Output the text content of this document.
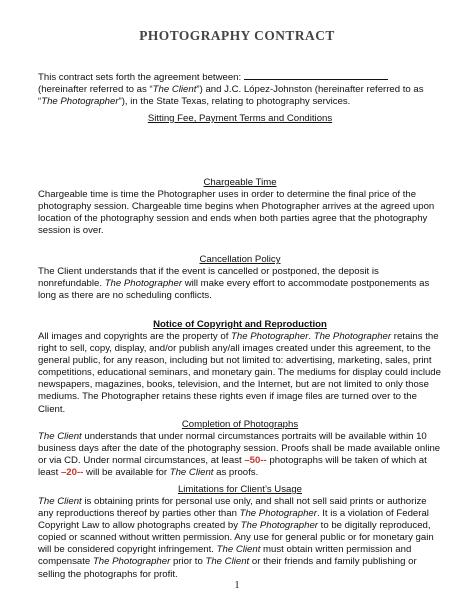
PHOTOGRAPHY CONTRACT
This contract sets forth the agreement between:
(hereinafter referred to as “The Client”) and J.C. López-Johnston (hereinafter referred to as
“The Photographer”), in the State Texas, relating to photography services.
Sitting Fee, Payment Terms and Conditions
Chargeable Time
Chargeable time is time the Photographer uses in order to determine the final price of the photography session. Chargeable time begins when Photographer arrives at the agreed upon location of the photography session and ends when both parties agree that the photography session is over.
Cancellation Policy
The Client understands that if the event is cancelled or postponed, the deposit is nonrefundable. The Photographer will make every effort to accommodate postponements as long as there are no scheduling conflicts.
Notice of Copyright and Reproduction
All images and copyrights are the property of The Photographer. The Photographer retains the right to sell, copy, display, and/or publish any/all images created under this agreement, to the general public, for any reason, including but not limited to: advertising, marketing, sales, print competitions, educational seminars, and monetary gain. The mediums for display could include newspapers, magazines, books, television, and the Internet, but are not limited to only those mediums. The Photographer retains these rights even if image files are turned over to the Client.
Completion of Photographs
The Client understands that under normal circumstances portraits will be available within 10 business days after the date of the photography session. Proofs shall be made available online or via CD. Under normal circumstances, at least –50-- photographs will be taken of which at least –20-- will be available for The Client as proofs.
Limitations for Client’s Usage
The Client is obtaining prints for personal use only, and shall not sell said prints or authorize any reproductions thereof by parties other than The Photographer. It is a violation of Federal Copyright Law to allow photographs created by The Photographer to be digitally reproduced, copied or scanned without written permission. Any use for general public or for monetary gain will be considered copyright infringement. The Client must obtain written permission and compensate The Photographer prior to The Client or their friends and family publishing or selling the photographs for profit.
1
